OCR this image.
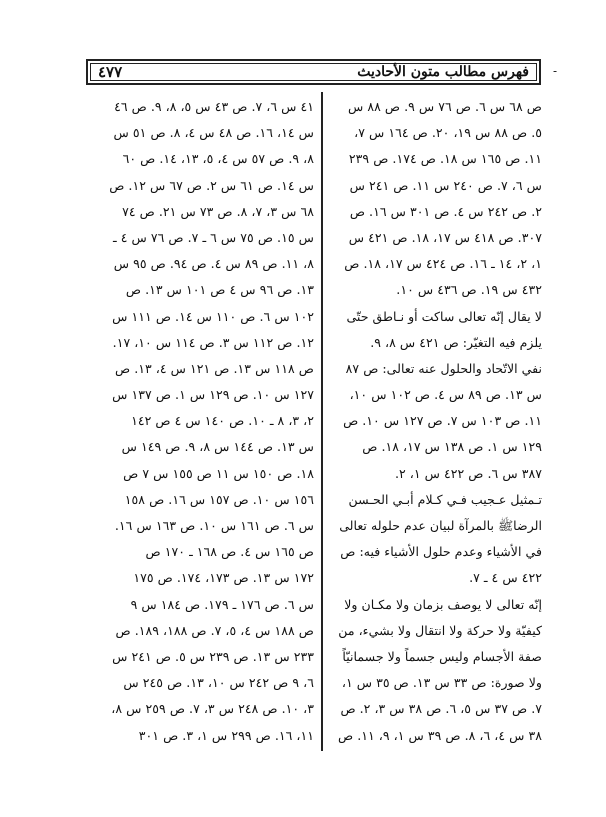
-
فهرس مطالب متون الأحاديث
٤٧٧
ص ٦٨ س ٦. ص ٧٦ س ٩. ص ٨٨ س
٥. ص ٨٨ س ١٩، ٢٠. ص ١٦٤ س ٧،
١١. ص ١٦٥ س ١٨. ص ١٧٤. ص ٢٣٩
س ٦، ٧. ص ٢٤٠ س ١١. ص ٢٤١ س
٢. ص ٢٤٢ س ٤. ص ٣٠١ س ١٦. ص
٣٠٧. ص ٤١٨ س ١٧، ١٨. ص ٤٢١ س
١، ٢، ١٤ ـ ١٦. ص ٤٢٤ س ١٧، ١٨. ص
٤٣٢ س ١٩. ص ٤٣٦ س ١٠.
لا يقال إنّه تعالى ساكت أو نـاطق حتّى
يلزم فيه التغيّر: ص ٤٢١ س ٨، ٩.
نفي الاتّحاد والحلول عنه تعالى: ص ٨٧
س ١٣. ص ٨٩ س ٤. ص ١٠٢ س ١٠،
١١. ص ١٠٣ س ٧. ص ١٢٧ س ١٠. ص
١٢٩ س ١. ص ١٣٨ س ١٧، ١٨. ص
٣٨٧ س ٦. ص ٤٢٢ س ١، ٢.
تـمثيل عـجيب فـي كـلام أبـي الحـسن
الرضاﷺ بالمرآة لبيان عدم حلوله تعالى
في الأشياء وعدم حلول الأشياء فيه: ص
٤٢٢ س ٤ ـ ٧.
إنّه تعالى لا يوصف بزمان ولا مكـان ولا
كيفيّة ولا حركة ولا انتقال ولا بشيء، من
صفة الأجسام وليس جسماً ولا جسمانيّاً
ولا صورة: ص ٣٣ س ١٣. ص ٣٥ س ١،
٧. ص ٣٧ س ٥، ٦. ص ٣٨ س ٣، ٢. ص
٣٨ س ٤، ٦، ٨. ص ٣٩ س ١، ٩، ١١. ص
٤١ س ٦، ٧. ص ٤٣ س ٥، ٨، ٩. ص ٤٦
س ١٤، ١٦. ص ٤٨ س ٤، ٨. ص ٥١ س
٨، ٩. ص ٥٧ س ٤، ٥، ١٣، ١٤. ص ٦٠
س ١٤. ص ٦١ س ٢. ص ٦٧ س ١٢. ص
٦٨ س ٣، ٧، ٨. ص ٧٣ س ٢١. ص ٧٤
س ١٥. ص ٧٥ س ٦ ـ ٧. ص ٧٦ س ٤ ـ
٨، ١١. ص ٨٩ س ٤. ص ٩٤. ص ٩٥ س
١٣. ص ٩٦ س ٤ ص ١٠١ س ١٣. ص
١٠٢ س ٦. ص ١١٠ س ١٤. ص ١١١ س
١٢. ص ١١٢ س ٣. ص ١١٤ س ١٠، ١٧.
ص ١١٨ س ١٣. ص ١٢١ س ٤، ١٣. ص
١٢٧ س ١٠. ص ١٢٩ س ١. ص ١٣٧ س
٢، ٣، ٨ ـ ١٠. ص ١٤٠ س ٤ ص ١٤٢
س ١٣. ص ١٤٤ س ٨، ٩. ص ١٤٩ س
١٨. ص ١٥٠ س ١١ ص ١٥٥ س ٧ ص
١٥٦ س ١٠. ص ١٥٧ س ١٦. ص ١٥٨
س ٦. ص ١٦١ س ١٠. ص ١٦٣ س ١٦.
ص ١٦٥ س ٤. ص ١٦٨ ـ ١٧٠ ص
١٧٢ س ١٣. ص ١٧٣، ١٧٤. ص ١٧٥
س ٦. ص ١٧٦ ـ ١٧٩. ص ١٨٤ س ٩
ص ١٨٨ س ٤، ٥، ٧. ص ١٨٨، ١٨٩. ص
٢٣٣ س ١٣. ص ٢٣٩ س ٥. ص ٢٤١ س
٦، ٩ ص ٢٤٢ س ١٠، ١٣. ص ٢٤٥ س
٣، ١٠. ص ٢٤٨ س ٣، ٧. ص ٢٥٩ س ٨،
١١، ١٦. ص ٢٩٩ س ١، ٣. ص ٣٠١
